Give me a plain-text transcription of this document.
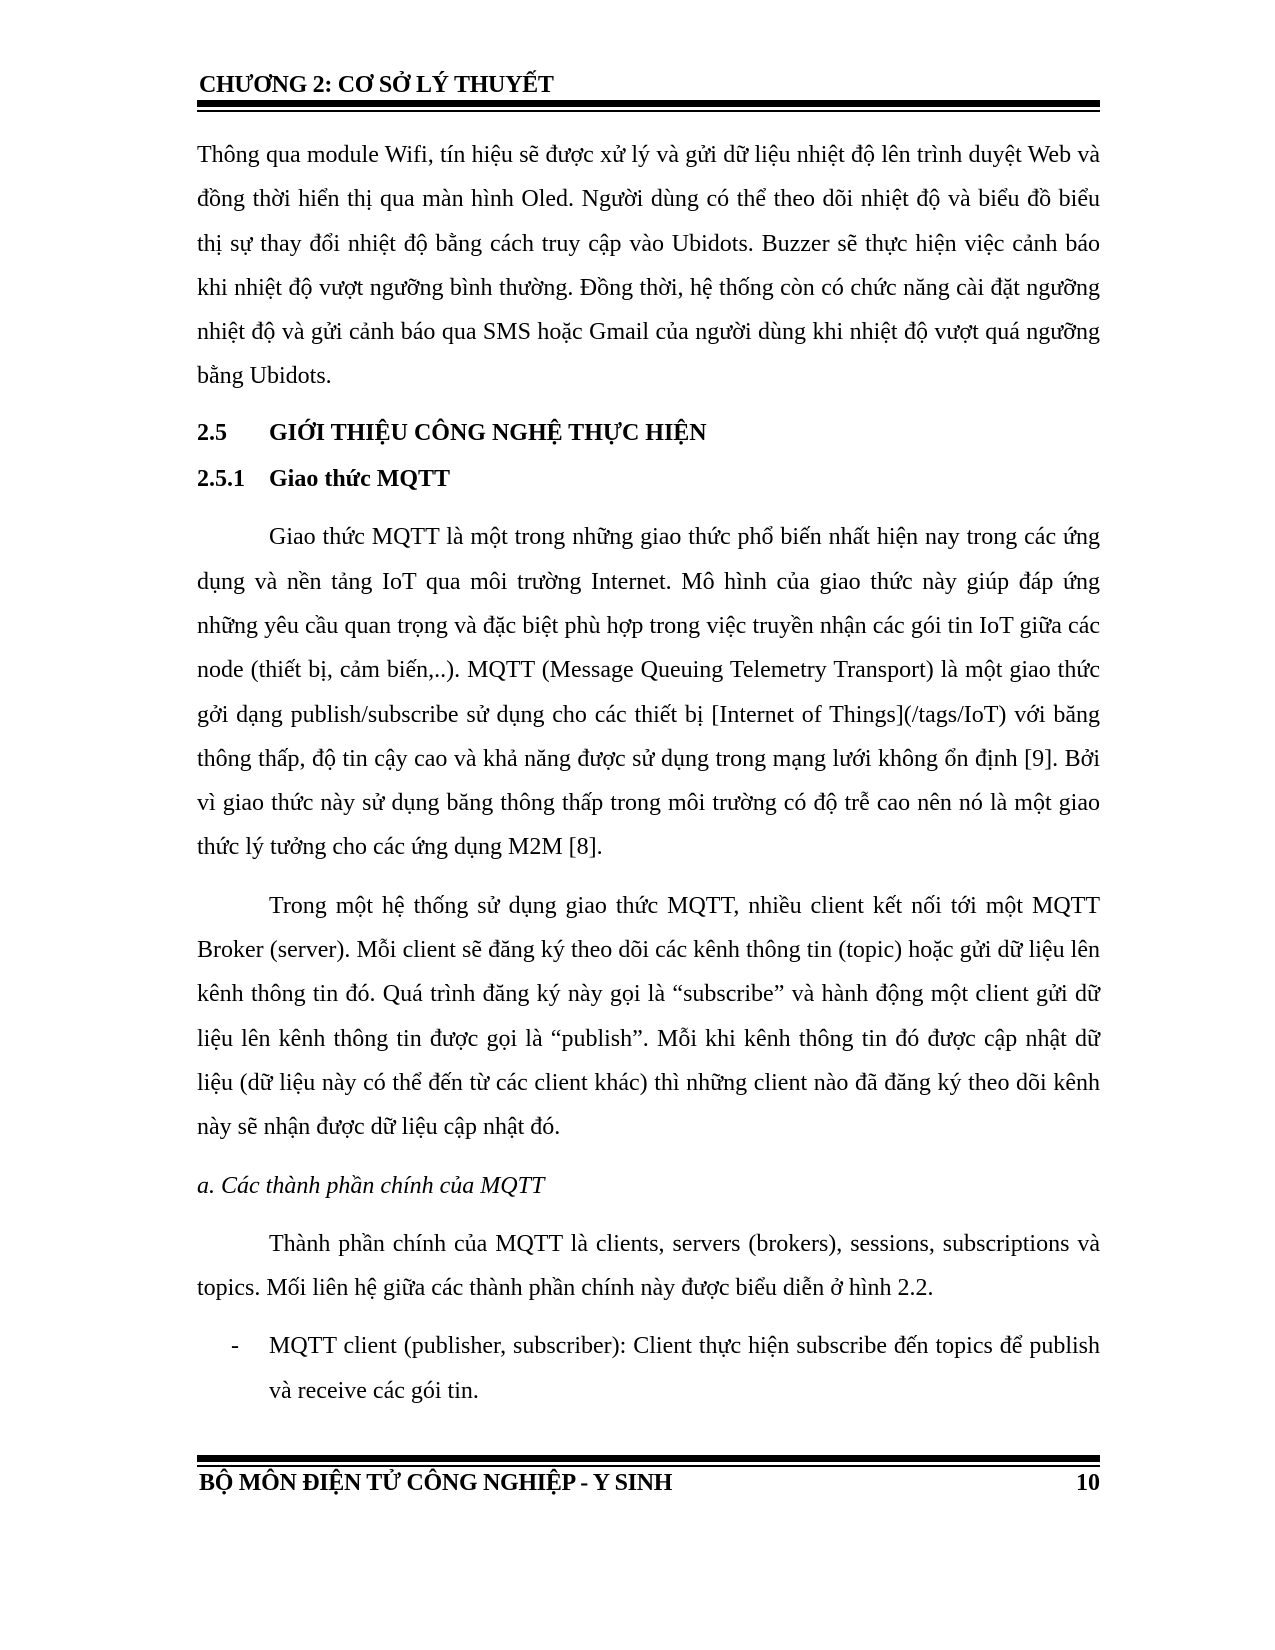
CHƯƠNG 2: CƠ SỞ LÝ THUYẾT

Thông qua module Wifi, tín hiệu sẽ được xử lý và gửi dữ liệu nhiệt độ lên trình duyệt Web và đồng thời hiển thị qua màn hình Oled. Người dùng có thể theo dõi nhiệt độ và biểu đồ biểu thị sự thay đổi nhiệt độ bằng cách truy cập vào Ubidots. Buzzer sẽ thực hiện việc cảnh báo khi nhiệt độ vượt ngưỡng bình thường. Đồng thời, hệ thống còn có chức năng cài đặt ngưỡng nhiệt độ và gửi cảnh báo qua SMS hoặc Gmail của người dùng khi nhiệt độ vượt quá ngưỡng bằng Ubidots.

2.5 GIỚI THIỆU CÔNG NGHỆ THỰC HIỆN
2.5.1 Giao thức MQTT

Giao thức MQTT là một trong những giao thức phổ biến nhất hiện nay trong các ứng dụng và nền tảng IoT qua môi trường Internet. Mô hình của giao thức này giúp đáp ứng những yêu cầu quan trọng và đặc biệt phù hợp trong việc truyền nhận các gói tin IoT giữa các node (thiết bị, cảm biến,..). MQTT (Message Queuing Telemetry Transport) là một giao thức gởi dạng publish/subscribe sử dụng cho các thiết bị [Internet of Things](/tags/IoT) với băng thông thấp, độ tin cậy cao và khả năng được sử dụng trong mạng lưới không ổn định [9]. Bởi vì giao thức này sử dụng băng thông thấp trong môi trường có độ trễ cao nên nó là một giao thức lý tưởng cho các ứng dụng M2M [8].

Trong một hệ thống sử dụng giao thức MQTT, nhiều client kết nối tới một MQTT Broker (server). Mỗi client sẽ đăng ký theo dõi các kênh thông tin (topic) hoặc gửi dữ liệu lên kênh thông tin đó. Quá trình đăng ký này gọi là “subscribe” và hành động một client gửi dữ liệu lên kênh thông tin được gọi là “publish”. Mỗi khi kênh thông tin đó được cập nhật dữ liệu (dữ liệu này có thể đến từ các client khác) thì những client nào đã đăng ký theo dõi kênh này sẽ nhận được dữ liệu cập nhật đó.

a. Các thành phần chính của MQTT

Thành phần chính của MQTT là clients, servers (brokers), sessions, subscriptions và topics. Mối liên hệ giữa các thành phần chính này được biểu diễn ở hình 2.2.

- MQTT client (publisher, subscriber): Client thực hiện subscribe đến topics để publish và receive các gói tin.
BỘ MÔN ĐIỆN TỬ CÔNG NGHIỆP - Y SINH	10
